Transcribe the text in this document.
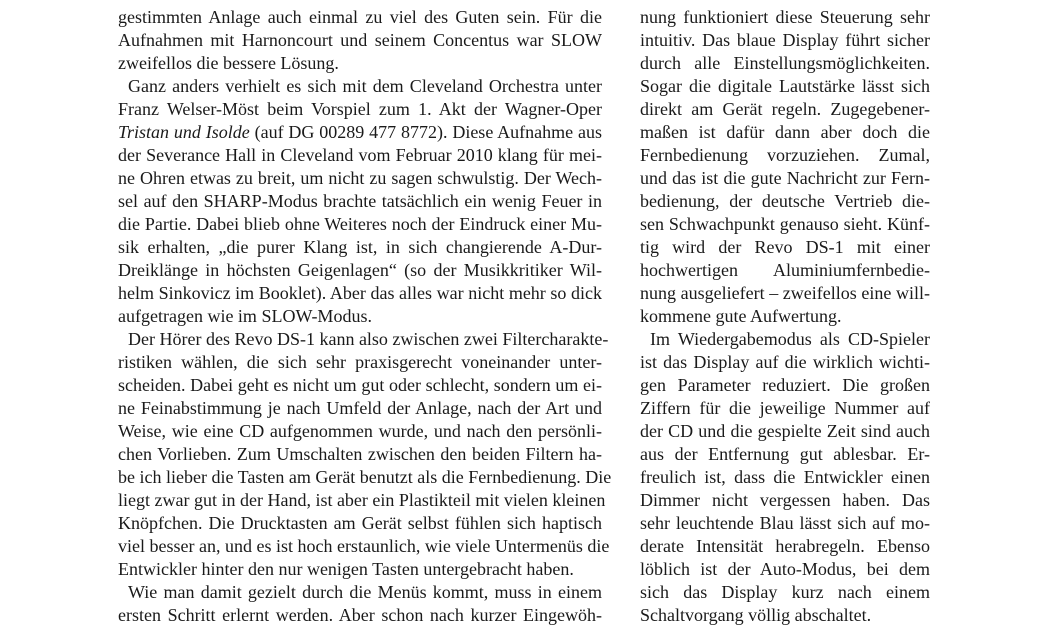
gestimmten Anlage auch einmal zu viel des Guten sein. Für die
Aufnahmen mit Harnoncourt und seinem Concentus war SLOW
zweifellos die bessere Lösung.
Ganz anders verhielt es sich mit dem Cleveland Orchestra unter
Franz Welser-Möst beim Vorspiel zum 1. Akt der Wagner-Oper
Tristan und Isolde (auf DG 00289 477 8772). Diese Aufnahme aus
der Severance Hall in Cleveland vom Februar 2010 klang für mei-
ne Ohren etwas zu breit, um nicht zu sagen schwulstig. Der Wech-
sel auf den SHARP-Modus brachte tatsächlich ein wenig Feuer in
die Partie. Dabei blieb ohne Weiteres noch der Eindruck einer Mu-
sik erhalten, „die purer Klang ist, in sich changierende A-Dur-
Dreiklänge in höchsten Geigenlagen“ (so der Musikkritiker Wil-
helm Sinkovicz im Booklet). Aber das alles war nicht mehr so dick
aufgetragen wie im SLOW-Modus.
Der Hörer des Revo DS-1 kann also zwischen zwei Filtercharakte-
ristiken wählen, die sich sehr praxisgerecht voneinander unter-
scheiden. Dabei geht es nicht um gut oder schlecht, sondern um ei-
ne Feinabstimmung je nach Umfeld der Anlage, nach der Art und
Weise, wie eine CD aufgenommen wurde, und nach den persönli-
chen Vorlieben. Zum Umschalten zwischen den beiden Filtern ha-
be ich lieber die Tasten am Gerät benutzt als die Fernbedienung. Die
liegt zwar gut in der Hand, ist aber ein Plastikteil mit vielen kleinen
Knöpfchen. Die Drucktasten am Gerät selbst fühlen sich haptisch
viel besser an, und es ist hoch erstaunlich, wie viele Untermenüs die
Entwickler hinter den nur wenigen Tasten untergebracht haben.
Wie man damit gezielt durch die Menüs kommt, muss in einem
ersten Schritt erlernt werden. Aber schon nach kurzer Eingewöh-
nung funktioniert diese Steuerung sehr
intuitiv. Das blaue Display führt sicher
durch alle Einstellungsmöglichkeiten.
Sogar die digitale Lautstärke lässt sich
direkt am Gerät regeln. Zugegebener-
maßen ist dafür dann aber doch die
Fernbedienung vorzuziehen. Zumal,
und das ist die gute Nachricht zur Fern-
bedienung, der deutsche Vertrieb die-
sen Schwachpunkt genauso sieht. Künf-
tig wird der Revo DS-1 mit einer
hochwertigen Aluminiumfernbedie-
nung ausgeliefert – zweifellos eine will-
kommene gute Aufwertung.
Im Wiedergabemodus als CD-Spieler
ist das Display auf die wirklich wichti-
gen Parameter reduziert. Die großen
Ziffern für die jeweilige Nummer auf
der CD und die gespielte Zeit sind auch
aus der Entfernung gut ablesbar. Er-
freulich ist, dass die Entwickler einen
Dimmer nicht vergessen haben. Das
sehr leuchtende Blau lässt sich auf mo-
derate Intensität herabregeln. Ebenso
löblich ist der Auto-Modus, bei dem
sich das Display kurz nach einem
Schaltvorgang völlig abschaltet.
